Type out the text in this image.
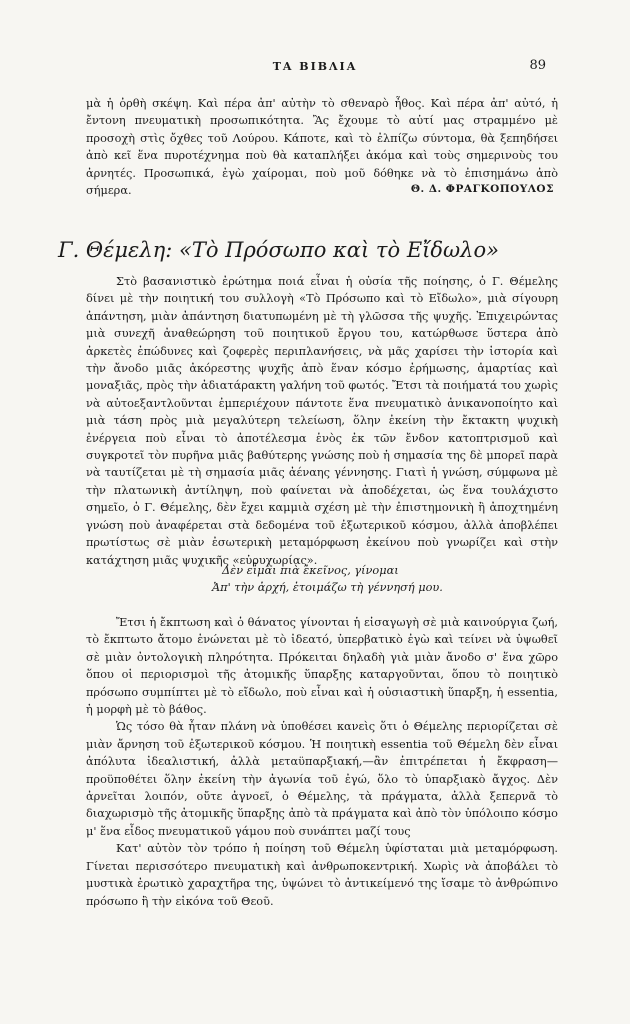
ΤΑ ΒΙΒΛΙΑ	89

μὰ ἡ ὀρθὴ σκέψη. Καὶ πέρα ἀπ' αὐτὴν τὸ σθεναρὸ ἦθος. Καὶ πέρα ἀπ' αὐτό, ἡ ἔντονη πνευματικὴ προσωπικότητα. Ἂς ἔχουμε τὸ αὐτί μας στραμμένο μὲ προσοχὴ στὶς ὄχθες τοῦ Λούρου. Κάποτε, καὶ τὸ ἐλπίζω σύντομα, θὰ ξεπηδήσει ἀπὸ κεῖ ἕνα πυροτέχνημα ποὺ θὰ καταπλήξει ἀκόμα καὶ τοὺς σημερινοὺς του ἀρνητές. Προσωπικά, ἐγὼ χαίρομαι, ποὺ μοῦ δόθηκε νὰ τὸ ἐπισημάνω ἀπὸ σήμερα.	Θ. Δ. ΦΡΑΓΚΟΠΟΥΛΟΣ
Γ. Θέμελη: «Τὸ Πρόσωπο καὶ τὸ Εἴδωλο»

Στὸ βασανιστικὸ ἐρώτημα ποιά εἶναι ἡ οὐσία τῆς ποίησης, ὁ Γ. Θέμελης δίνει μὲ τὴν ποιητική του συλλογὴ «Τὸ Πρόσωπο καὶ τὸ Εἴδωλο», μιὰ σίγουρη ἀπάντηση, μιὰν ἀπάντηση διατυπωμένη μὲ τὴ γλῶσσα τῆς ψυχῆς. Ἐπιχειρώντας μιὰ συνεχῆ ἀναθεώρηση τοῦ ποιητικοῦ ἔργου του, κατώρθωσε ὕστερα ἀπὸ ἀρκετὲς ἐπώδυνες καὶ ζοφερὲς περιπλανήσεις, νὰ μᾶς χαρίσει τὴν ἱστορία καὶ τὴν ἄνοδο μιᾶς ἀκόρεστης ψυχῆς ἀπὸ ἕναν κόσμο ἐρήμωσης, ἁμαρτίας καὶ μοναξιᾶς, πρὸς τὴν ἀδιατάρακτη γαλήνη τοῦ φωτός. Ἔτσι τὰ ποιήματά του χωρὶς νὰ αὐτοεξαντλοῦνται ἐμπεριέχουν πάντοτε ἕνα πνευματικὸ ἀνικανοποίητο καὶ μιὰ τάση πρὸς μιὰ μεγαλύτερη τελείωση, ὅλην ἐκείνη τὴν ἔκτακτη ψυχικὴ ἐνέργεια ποὺ εἶναι τὸ ἀποτέλεσμα ἑνὸς ἐκ τῶν ἔνδον κατοπτρισμοῦ καὶ συγκροτεῖ τὸν πυρῆνα μιᾶς βαθύτερης γνώσης ποὺ ἡ σημασία της δὲ μπορεῖ παρὰ νὰ ταυτίζεται μὲ τὴ σημασία μιᾶς ἀέναης γέννησης. Γιατὶ ἡ γνώση, σύμφωνα μὲ τὴν πλατωνικὴ ἀντίληψη, ποὺ φαίνεται νὰ ἀποδέχεται, ὡς ἕνα τουλάχιστο σημεῖο, ὁ Γ. Θέμελης, δὲν ἔχει καμμιὰ σχέση μὲ τὴν ἐπιστημονικὴ ἢ ἀποχτημένη γνώση ποὺ ἀναφέρεται στὰ δεδομένα τοῦ ἐξωτερικοῦ κόσμου, ἀλλὰ ἀποβλέπει πρωτίστως σὲ μιὰν ἐσωτερικὴ μεταμόρφωση ἐκείνου ποὺ γνωρίζει καὶ στὴν κατάχτηση μιᾶς ψυχικῆς «εὐρυχωρίας».

Δὲν εἶμαι πιὰ ἐκεῖνος, γίνομαι
Ἀπ' τὴν ἀρχή, ἑτοιμάζω τὴ γέννησή μου.

Ἔτσι ἡ ἔκπτωση καὶ ὁ θάνατος γίνονται ἡ εἰσαγωγὴ σὲ μιὰ καινούργια ζωή, τὸ ἔκπτωτο ἄτομο ἑνώνεται μὲ τὸ ἰδεατό, ὑπερβατικὸ ἐγὼ καὶ τείνει νὰ ὑψωθεῖ σὲ μιὰν ὀντολογικὴ πληρότητα. Πρόκειται δηλαδὴ γιὰ μιὰν ἄνοδο σ' ἕνα χῶρο ὅπου οἱ περιορισμοὶ τῆς ἀτομικῆς ὕπαρξης καταργοῦνται, ὅπου τὸ ποιητικὸ πρόσωπο συμπίπτει μὲ τὸ εἴδωλο, ποὺ εἶναι καὶ ἡ οὐσιαστικὴ ὕπαρξη, ἡ essentia, ἡ μορφὴ μὲ τὸ βάθος.

Ὡς τόσο θὰ ἦταν πλάνη νὰ ὑποθέσει κανεὶς ὅτι ὁ Θέμελης περιορίζεται σὲ μιὰν ἄρνηση τοῦ ἐξωτερικοῦ κόσμου. Ἡ ποιητικὴ essentia τοῦ Θέμελη δὲν εἶναι ἀπόλυτα ἰδεαλιστική, ἀλλὰ μεταϋπαρξιακή,—ἂν ἐπιτρέπεται ἡ ἔκφραση—προϋποθέτει ὅλην ἐκείνη τὴν ἀγωνία τοῦ ἐγώ, ὅλο τὸ ὑπαρξιακὸ ἄγχος. Δὲν ἀρνεῖται λοιπόν, οὔτε ἀγνοεῖ, ὁ Θέμελης, τὰ πράγματα, ἀλλὰ ξεπερνᾶ τὸ διαχωρισμὸ τῆς ἀτομικῆς ὕπαρξης ἀπὸ τὰ πράγματα καὶ ἀπὸ τὸν ὑπόλοιπο κόσμο μ' ἕνα εἶδος πνευματικοῦ γάμου ποὺ συνάπτει μαζί τους

Κατ' αὐτὸν τὸν τρόπο ἡ ποίηση τοῦ Θέμελη ὑφίσταται μιὰ μεταμόρφωση. Γίνεται περισσότερο πνευματικὴ καὶ ἀνθρωποκεντρική. Χωρὶς νὰ ἀποβάλει τὸ μυστικὰ ἐρωτικὸ χαραχτῆρα της, ὑψώνει τὸ ἀντικείμενό της ἴσαμε τὸ ἀνθρώπινο πρόσωπο ἢ τὴν εἰκόνα τοῦ Θεοῦ.
